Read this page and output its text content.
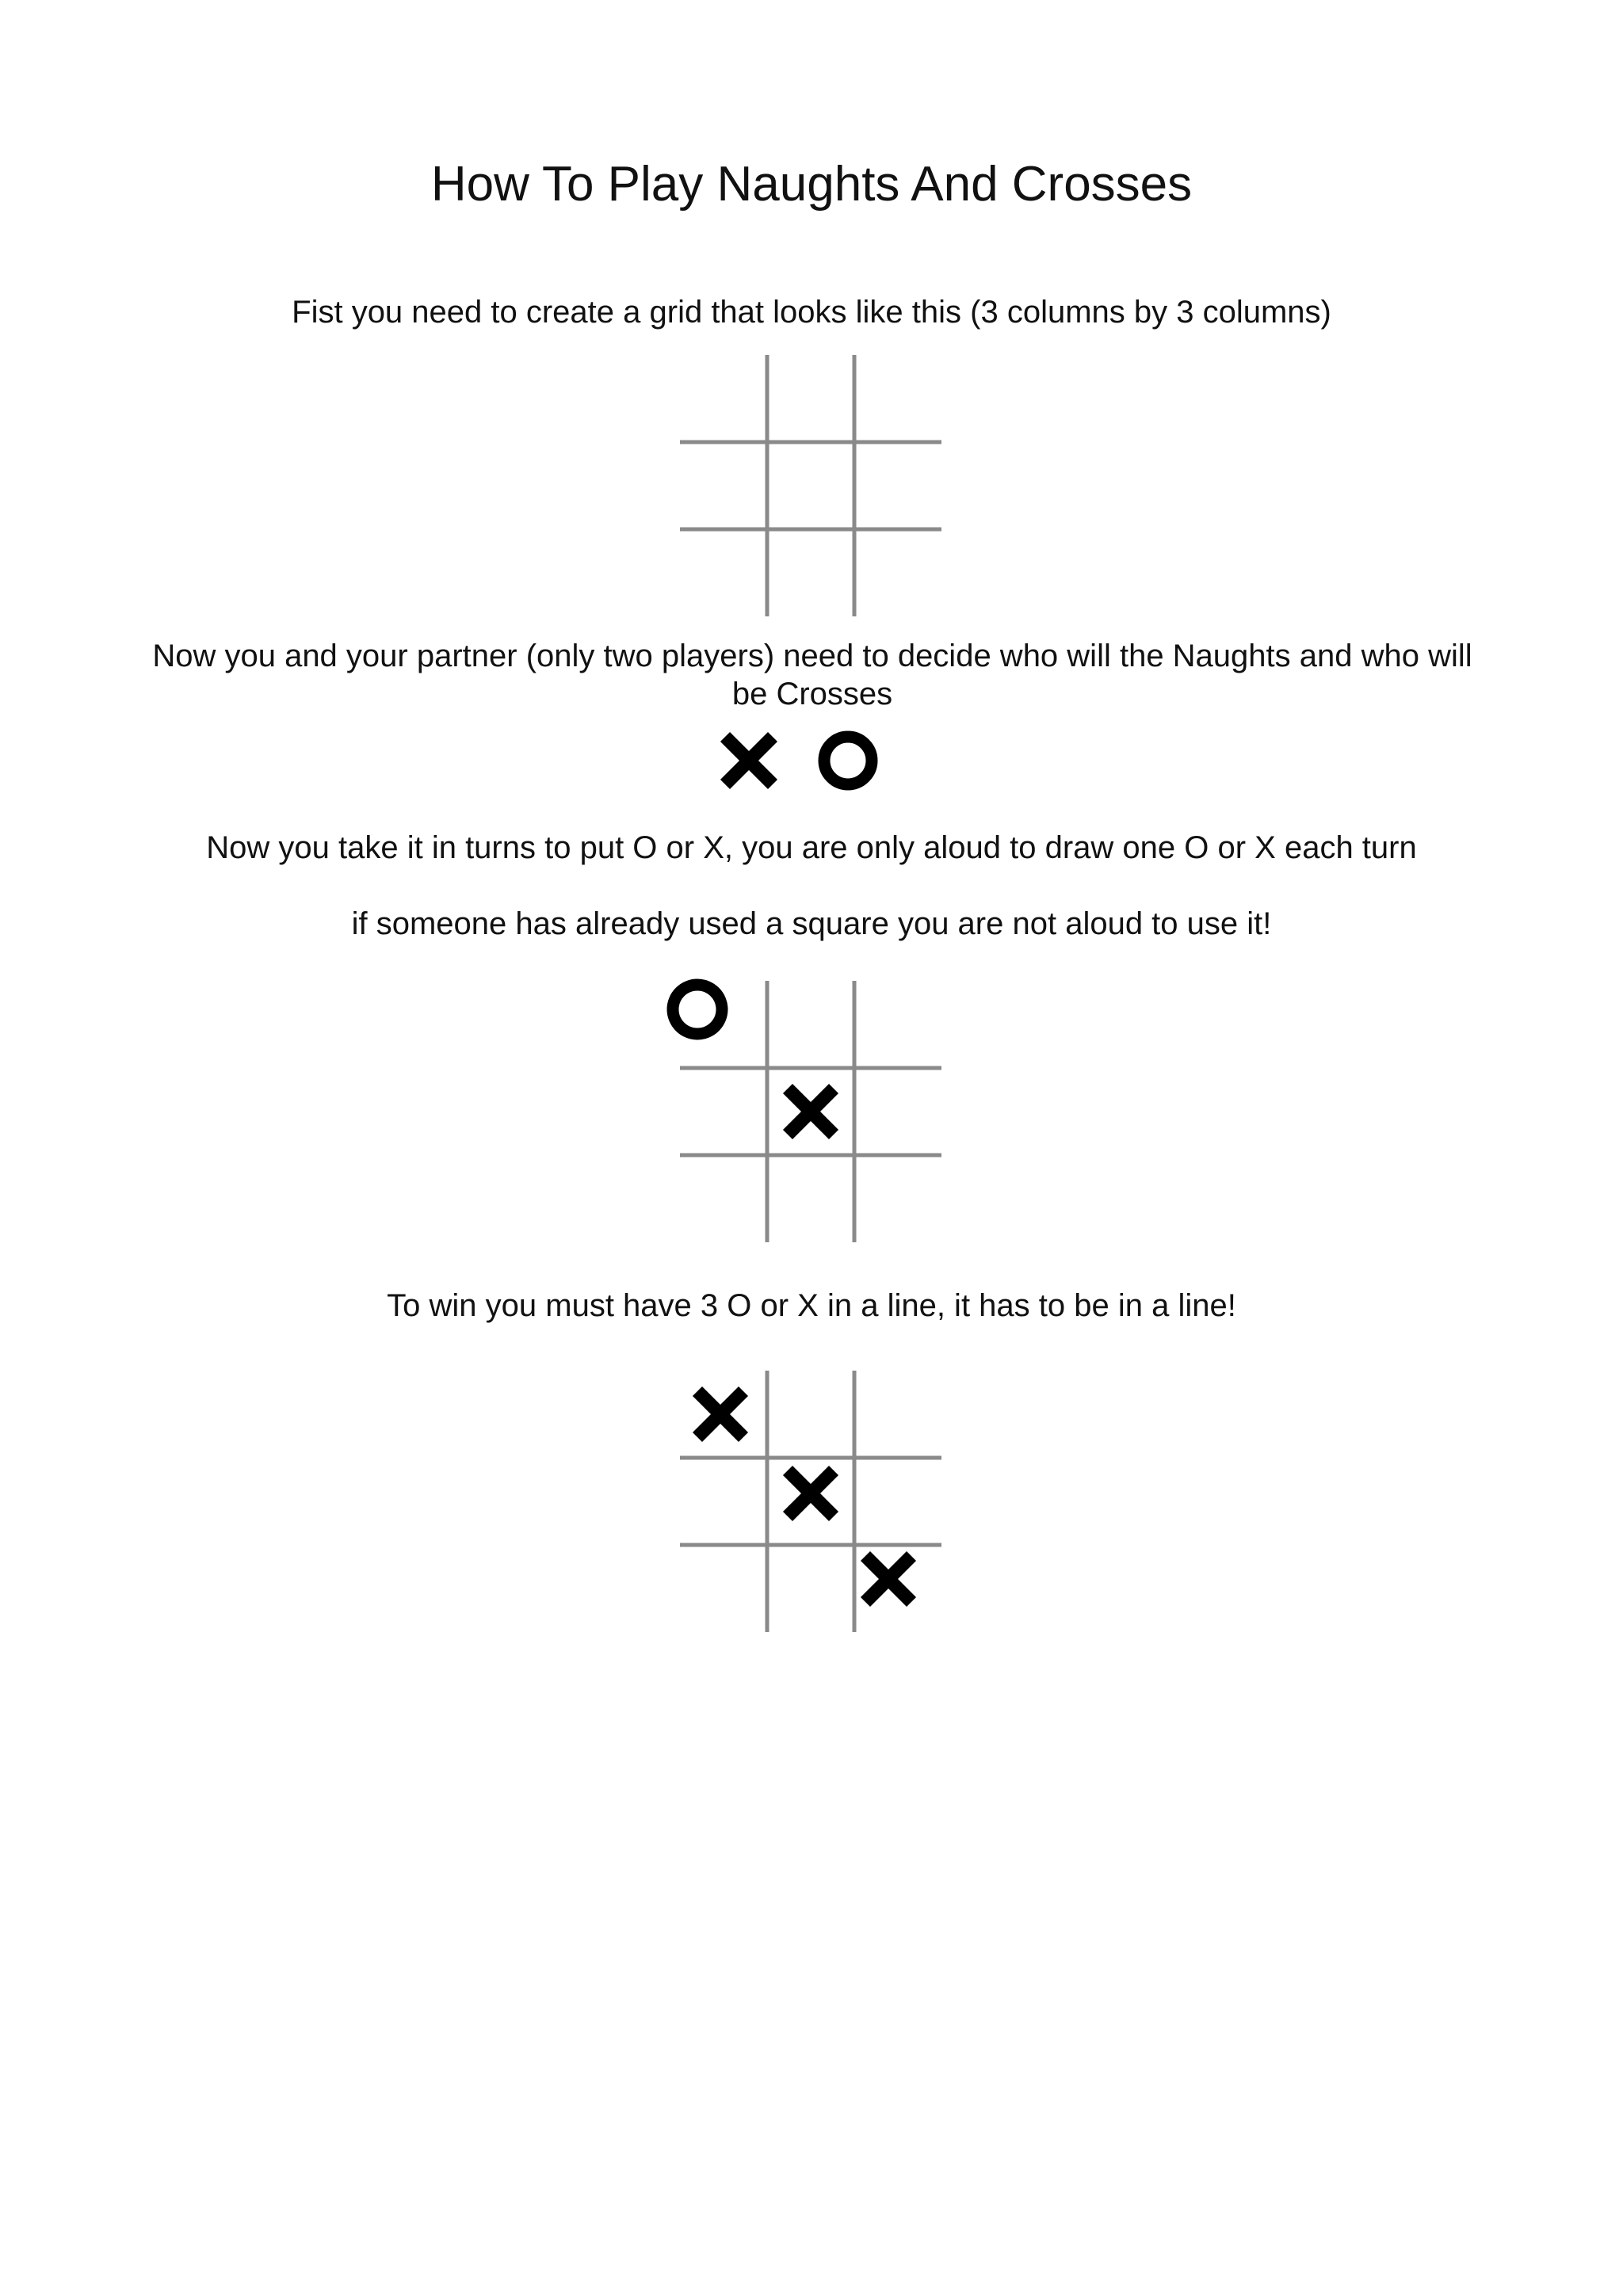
How To Play Naughts And Crosses

Fist you need to create a grid that looks like this (3 columns by 3 columns)

Now you and your partner (only two players) need to decide who will the Naughts and who will be Crosses

Now you take it in turns to put O or X, you are only aloud to draw one O or X each turn

if someone has already used a square you are not aloud to use it!

To win you must have 3 O or X in a line, it has to be in a line!
